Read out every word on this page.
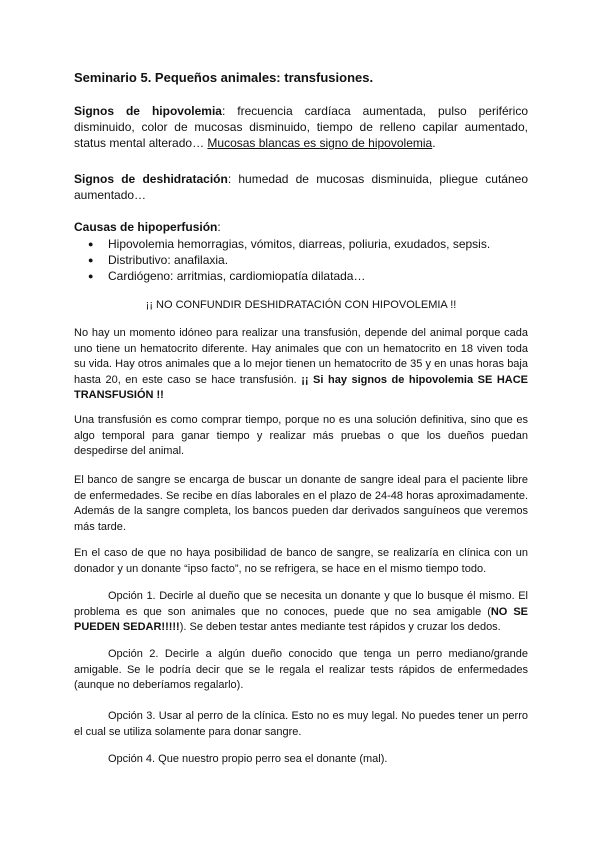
Seminario 5. Pequeños animales: transfusiones.

Signos de hipovolemia: frecuencia cardíaca aumentada, pulso periférico disminuido, color de mucosas disminuido, tiempo de relleno capilar aumentado, status mental alterado… Mucosas blancas es signo de hipovolemia.

Signos de deshidratación: humedad de mucosas disminuida, pliegue cutáneo aumentado…

Causas de hipoperfusión:

● Hipovolemia hemorragias, vómitos, diarreas, poliuria, exudados, sepsis.
● Distributivo: anafilaxia.
● Cardiógeno: arritmias, cardiomiopatía dilatada…

¡¡ NO CONFUNDIR DESHIDRATACIÓN CON HIPOVOLEMIA !!

No hay un momento idóneo para realizar una transfusión, depende del animal porque cada uno tiene un hematocrito diferente. Hay animales que con un hematocrito en 18 viven toda su vida. Hay otros animales que a lo mejor tienen un hematocrito de 35 y en unas horas baja hasta 20, en este caso se hace transfusión. ¡¡ Si hay signos de hipovolemia SE HACE TRANSFUSIÓN !!

Una transfusión es como comprar tiempo, porque no es una solución definitiva, sino que es algo temporal para ganar tiempo y realizar más pruebas o que los dueños puedan despedirse del animal.

El banco de sangre se encarga de buscar un donante de sangre ideal para el paciente libre de enfermedades. Se recibe en días laborales en el plazo de 24-48 horas aproximadamente. Además de la sangre completa, los bancos pueden dar derivados sanguíneos que veremos más tarde.

En el caso de que no haya posibilidad de banco de sangre, se realizaría en clínica con un donador y un donante “ipso facto”, no se refrigera, se hace en el mismo tiempo todo.

Opción 1. Decirle al dueño que se necesita un donante y que lo busque él mismo. El problema es que son animales que no conoces, puede que no sea amigable (NO SE PUEDEN SEDAR!!!!!). Se deben testar antes mediante test rápidos y cruzar los dedos.

Opción 2. Decirle a algún dueño conocido que tenga un perro mediano/grande amigable. Se le podría decir que se le regala el realizar tests rápidos de enfermedades (aunque no deberíamos regalarlo).

Opción 3. Usar al perro de la clínica. Esto no es muy legal. No puedes tener un perro el cual se utiliza solamente para donar sangre.

Opción 4. Que nuestro propio perro sea el donante (mal).
